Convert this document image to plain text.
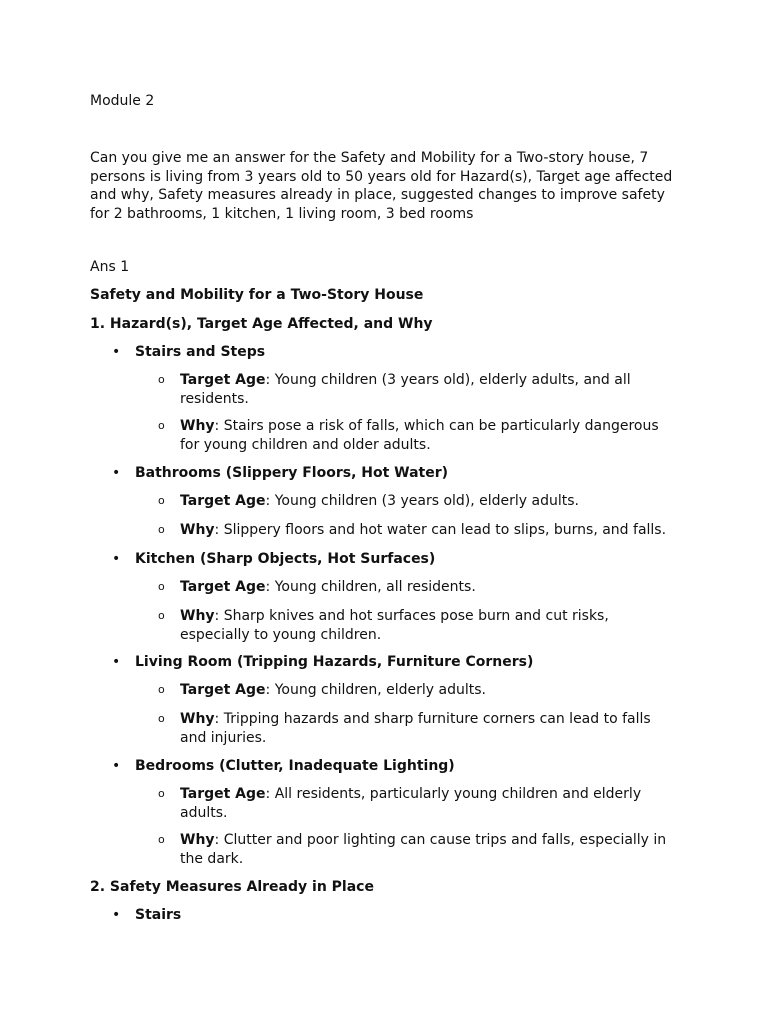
Module 2

Can you give me an answer for the Safety and Mobility for a Two-story house, 7 persons is living from 3 years old to 50 years old for Hazard(s), Target age affected and why, Safety measures already in place, suggested changes to improve safety for 2 bathrooms, 1 kitchen, 1 living room, 3 bed rooms

Ans 1

Safety and Mobility for a Two-Story House

1. Hazard(s), Target Age Affected, and Why

• Stairs and Steps
o Target Age: Young children (3 years old), elderly adults, and all residents.
o Why: Stairs pose a risk of falls, which can be particularly dangerous for young children and older adults.
• Bathrooms (Slippery Floors, Hot Water)
o Target Age: Young children (3 years old), elderly adults.
o Why: Slippery floors and hot water can lead to slips, burns, and falls.
• Kitchen (Sharp Objects, Hot Surfaces)
o Target Age: Young children, all residents.
o Why: Sharp knives and hot surfaces pose burn and cut risks, especially to young children.
• Living Room (Tripping Hazards, Furniture Corners)
o Target Age: Young children, elderly adults.
o Why: Tripping hazards and sharp furniture corners can lead to falls and injuries.
• Bedrooms (Clutter, Inadequate Lighting)
o Target Age: All residents, particularly young children and elderly adults.
o Why: Clutter and poor lighting can cause trips and falls, especially in the dark.

2. Safety Measures Already in Place

• Stairs
